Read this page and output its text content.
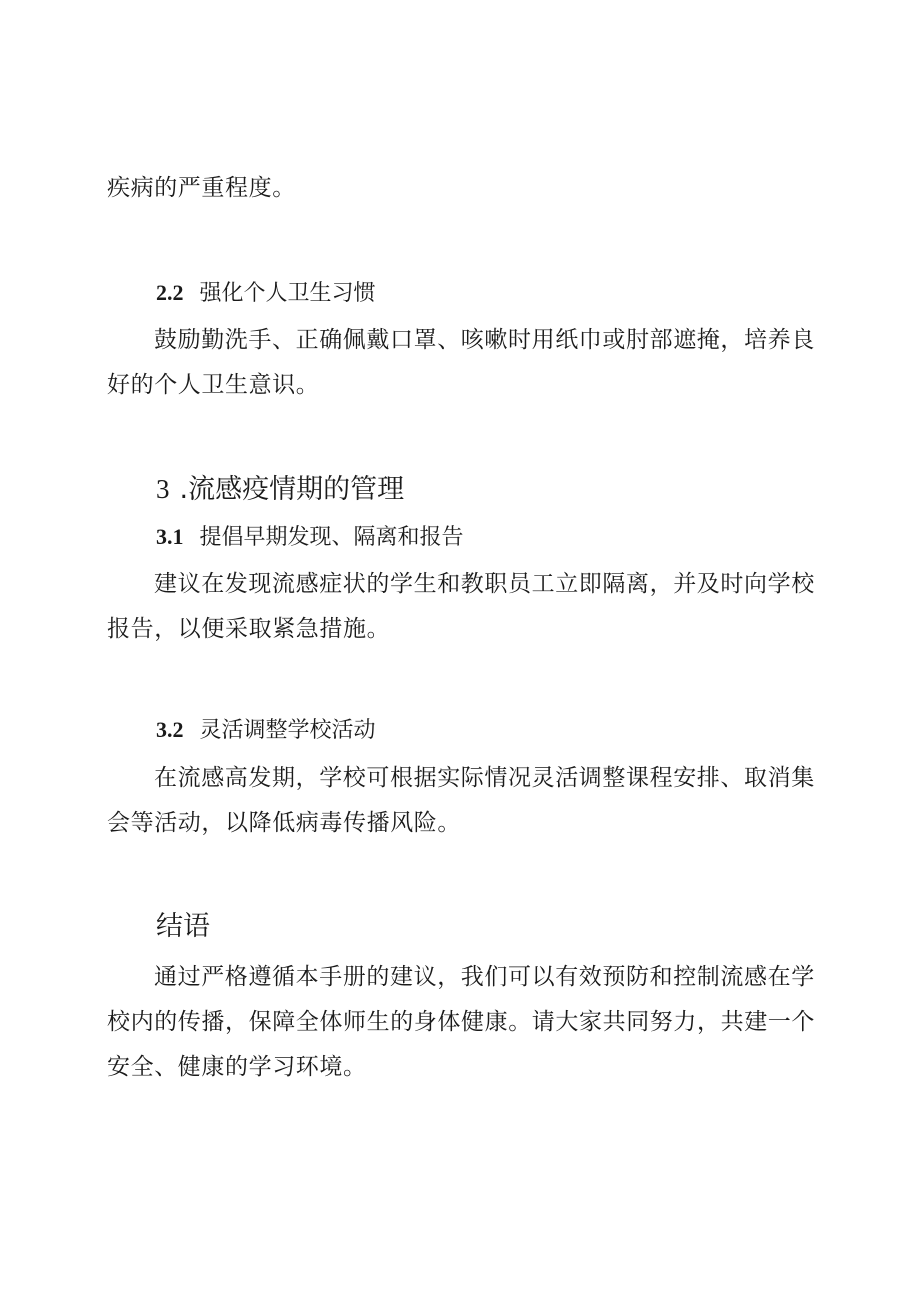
疾病的严重程度。

2.2 强化个人卫生习惯

鼓励勤洗手、正确佩戴口罩、咳嗽时用纸巾或肘部遮掩，培养良好的个人卫生意识。

3 .流感疫情期的管理
3.1 提倡早期发现、隔离和报告

建议在发现流感症状的学生和教职员工立即隔离，并及时向学校报告，以便采取紧急措施。

3.2 灵活调整学校活动

在流感高发期，学校可根据实际情况灵活调整课程安排、取消集会等活动，以降低病毒传播风险。

结语

通过严格遵循本手册的建议，我们可以有效预防和控制流感在学校内的传播，保障全体师生的身体健康。请大家共同努力，共建一个安全、健康的学习环境。
